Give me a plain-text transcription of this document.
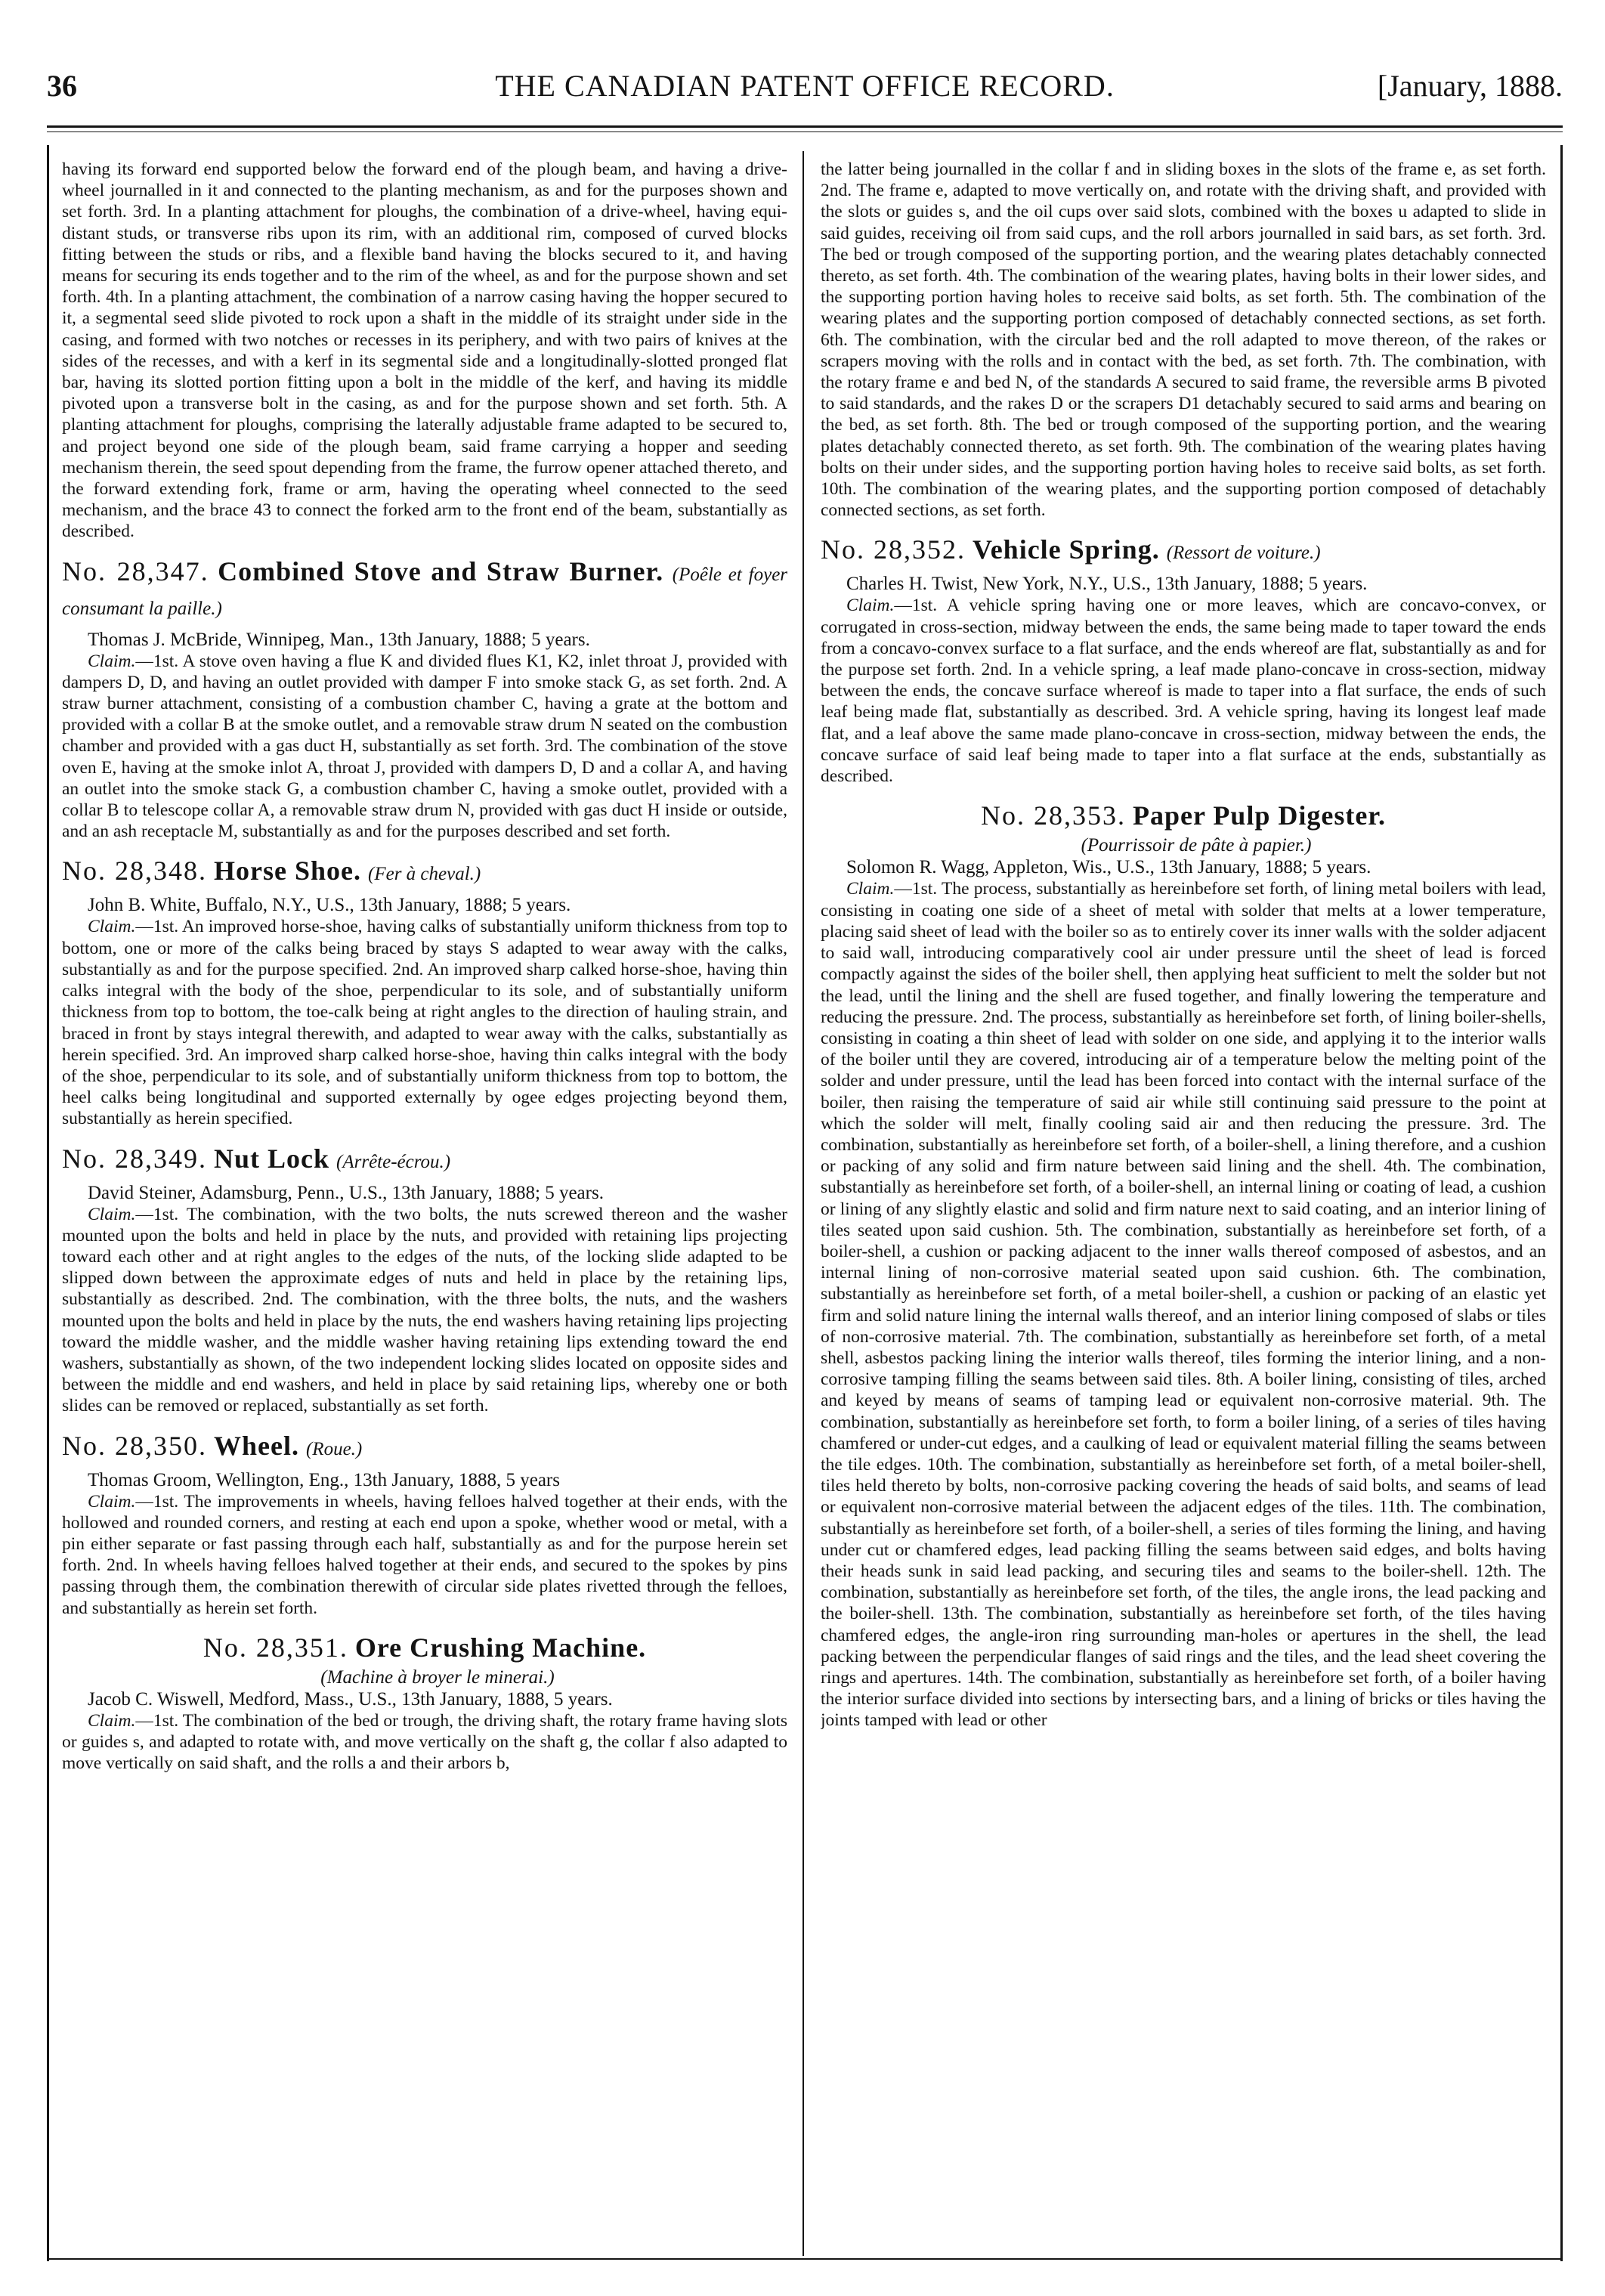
36	THE CANADIAN PATENT OFFICE RECORD.	[January, 1888.

having its forward end supported below the forward end of the plough beam, and having a drive-wheel journalled in it and connected to the planting mechanism, as and for the purposes shown and set forth. 3rd. In a planting attachment for ploughs, the combination of a drive-wheel, having equi-distant studs, or transverse ribs upon its rim, with an additional rim, composed of curved blocks fitting between the studs or ribs, and a flexible band having the blocks secured to it, and having means for securing its ends together and to the rim of the wheel, as and for the purpose shown and set forth. 4th. In a planting attachment, the combination of a narrow casing having the hopper secured to it, a segmental seed slide pivoted to rock upon a shaft in the middle of its straight under side in the casing, and formed with two notches or recesses in its periphery, and with two pairs of knives at the sides of the recesses, and with a kerf in its segmental side and a longitudinally-slotted pronged flat bar, having its slotted portion fitting upon a bolt in the middle of the kerf, and having its middle pivoted upon a transverse bolt in the casing, as and for the purpose shown and set forth. 5th. A planting attachment for ploughs, comprising the laterally adjustable frame adapted to be secured to, and project beyond one side of the plough beam, said frame carrying a hopper and seeding mechanism therein, the seed spout depending from the frame, the furrow opener attached thereto, and the forward extending fork, frame or arm, having the operating wheel connected to the seed mechanism, and the brace 43 to connect the forked arm to the front end of the beam, substantially as described.

No. 28,347. Combined Stove and Straw Burner. (Poêle et foyer consumant la paille.)

Thomas J. McBride, Winnipeg, Man., 13th January, 1888; 5 years.

Claim.—1st. A stove oven having a flue K and divided flues K1, K2, inlet throat J, provided with dampers D, D, and having an outlet provided with damper F into smoke stack G, as set forth. 2nd. A straw burner attachment, consisting of a combustion chamber C, having a grate at the bottom and provided with a collar B at the smoke outlet, and a removable straw drum N seated on the combustion chamber and provided with a gas duct H, substantially as set forth. 3rd. The combination of the stove oven E, having at the smoke inlot A, throat J, provided with dampers D, D and a collar A, and having an outlet into the smoke stack G, a combustion chamber C, having a smoke outlet, provided with a collar B to telescope collar A, a removable straw drum N, provided with gas duct H inside or outside, and an ash receptacle M, substantially as and for the purposes described and set forth.

No. 28,348. Horse Shoe. (Fer à cheval.)

John B. White, Buffalo, N.Y., U.S., 13th January, 1888; 5 years.

Claim.—1st. An improved horse-shoe, having calks of substantially uniform thickness from top to bottom, one or more of the calks being braced by stays S adapted to wear away with the calks, substantially as and for the purpose specified. 2nd. An improved sharp calked horse-shoe, having thin calks integral with the body of the shoe, perpendicular to its sole, and of substantially uniform thickness from top to bottom, the toe-calk being at right angles to the direction of hauling strain, and braced in front by stays integral therewith, and adapted to wear away with the calks, substantially as herein specified. 3rd. An improved sharp calked horse-shoe, having thin calks integral with the body of the shoe, perpendicular to its sole, and of substantially uniform thickness from top to bottom, the heel calks being longitudinal and supported externally by ogee edges projecting beyond them, substantially as herein specified.

No. 28,349. Nut Lock (Arrête-écrou.)

David Steiner, Adamsburg, Penn., U.S., 13th January, 1888; 5 years.

Claim.—1st. The combination, with the two bolts, the nuts screwed thereon and the washer mounted upon the bolts and held in place by the nuts, and provided with retaining lips projecting toward each other and at right angles to the edges of the nuts, of the locking slide adapted to be slipped down between the approximate edges of nuts and held in place by the retaining lips, substantially as described. 2nd. The combination, with the three bolts, the nuts, and the washers mounted upon the bolts and held in place by the nuts, the end washers having retaining lips projecting toward the middle washer, and the middle washer having retaining lips extending toward the end washers, substantially as shown, of the two independent locking slides located on opposite sides and between the middle and end washers, and held in place by said retaining lips, whereby one or both slides can be removed or replaced, substantially as set forth.

No. 28,350. Wheel. (Roue.)

Thomas Groom, Wellington, Eng., 13th January, 1888, 5 years

Claim.—1st. The improvements in wheels, having felloes halved together at their ends, with the hollowed and rounded corners, and resting at each end upon a spoke, whether wood or metal, with a pin either separate or fast passing through each half, substantially as and for the purpose herein set forth. 2nd. In wheels having felloes halved together at their ends, and secured to the spokes by pins passing through them, the combination therewith of circular side plates rivetted through the felloes, and substantially as herein set forth.

No. 28,351. Ore Crushing Machine.

(Machine à broyer le minerai.)

Jacob C. Wiswell, Medford, Mass., U.S., 13th January, 1888, 5 years.

Claim.—1st. The combination of the bed or trough, the driving shaft, the rotary frame having slots or guides s, and adapted to rotate with, and move vertically on the shaft g, the collar f also adapted to move vertically on said shaft, and the rolls a and their arbors b,

the latter being journalled in the collar f and in sliding boxes in the slots of the frame e, as set forth. 2nd. The frame e, adapted to move vertically on, and rotate with the driving shaft, and provided with the slots or guides s, and the oil cups over said slots, combined with the boxes u adapted to slide in said guides, receiving oil from said cups, and the roll arbors journalled in said bars, as set forth. 3rd. The bed or trough composed of the supporting portion, and the wearing plates detachably connected thereto, as set forth. 4th. The combination of the wearing plates, having bolts in their lower sides, and the supporting portion having holes to receive said bolts, as set forth. 5th. The combination of the wearing plates and the supporting portion composed of detachably connected sections, as set forth. 6th. The combination, with the circular bed and the roll adapted to move thereon, of the rakes or scrapers moving with the rolls and in contact with the bed, as set forth. 7th. The combination, with the rotary frame e and bed N, of the standards A secured to said frame, the reversible arms B pivoted to said standards, and the rakes D or the scrapers D1 detachably secured to said arms and bearing on the bed, as set forth. 8th. The bed or trough composed of the supporting portion, and the wearing plates detachably connected thereto, as set forth. 9th. The combination of the wearing plates having bolts on their under sides, and the supporting portion having holes to receive said bolts, as set forth. 10th. The combination of the wearing plates, and the supporting portion composed of detachably connected sections, as set forth.

No. 28,352. Vehicle Spring. (Ressort de voiture.)

Charles H. Twist, New York, N.Y., U.S., 13th January, 1888; 5 years.

Claim.—1st. A vehicle spring having one or more leaves, which are concavo-convex, or corrugated in cross-section, midway between the ends, the same being made to taper toward the ends from a concavo-convex surface to a flat surface, and the ends whereof are flat, substantially as and for the purpose set forth. 2nd. In a vehicle spring, a leaf made plano-concave in cross-section, midway between the ends, the concave surface whereof is made to taper into a flat surface, the ends of such leaf being made flat, substantially as described. 3rd. A vehicle spring, having its longest leaf made flat, and a leaf above the same made plano-concave in cross-section, midway between the ends, the concave surface of said leaf being made to taper into a flat surface at the ends, substantially as described.

No. 28,353. Paper Pulp Digester.

(Pourrissoir de pâte à papier.)

Solomon R. Wagg, Appleton, Wis., U.S., 13th January, 1888; 5 years.

Claim.—1st. The process, substantially as hereinbefore set forth, of lining metal boilers with lead, consisting in coating one side of a sheet of metal with solder that melts at a lower temperature, placing said sheet of lead with the boiler so as to entirely cover its inner walls with the solder adjacent to said wall, introducing comparatively cool air under pressure until the sheet of lead is forced compactly against the sides of the boiler shell, then applying heat sufficient to melt the solder but not the lead, until the lining and the shell are fused together, and finally lowering the temperature and reducing the pressure. 2nd. The process, substantially as hereinbefore set forth, of lining boiler-shells, consisting in coating a thin sheet of lead with solder on one side, and applying it to the interior walls of the boiler until they are covered, introducing air of a temperature below the melting point of the solder and under pressure, until the lead has been forced into contact with the internal surface of the boiler, then raising the temperature of said air while still continuing said pressure to the point at which the solder will melt, finally cooling said air and then reducing the pressure. 3rd. The combination, substantially as hereinbefore set forth, of a boiler-shell, a lining therefore, and a cushion or packing of any solid and firm nature between said lining and the shell. 4th. The combination, substantially as hereinbefore set forth, of a boiler-shell, an internal lining or coating of lead, a cushion or lining of any slightly elastic and solid and firm nature next to said coating, and an interior lining of tiles seated upon said cushion. 5th. The combination, substantially as hereinbefore set forth, of a boiler-shell, a cushion or packing adjacent to the inner walls thereof composed of asbestos, and an internal lining of non-corrosive material seated upon said cushion. 6th. The combination, substantially as hereinbefore set forth, of a metal boiler-shell, a cushion or packing of an elastic yet firm and solid nature lining the internal walls thereof, and an interior lining composed of slabs or tiles of non-corrosive material. 7th. The combination, substantially as hereinbefore set forth, of a metal shell, asbestos packing lining the interior walls thereof, tiles forming the interior lining, and a non-corrosive tamping filling the seams between said tiles. 8th. A boiler lining, consisting of tiles, arched and keyed by means of seams of tamping lead or equivalent non-corrosive material. 9th. The combination, substantially as hereinbefore set forth, to form a boiler lining, of a series of tiles having chamfered or under-cut edges, and a caulking of lead or equivalent material filling the seams between the tile edges. 10th. The combination, substantially as hereinbefore set forth, of a metal boiler-shell, tiles held thereto by bolts, non-corrosive packing covering the heads of said bolts, and seams of lead or equivalent non-corrosive material between the adjacent edges of the tiles. 11th. The combination, substantially as hereinbefore set forth, of a boiler-shell, a series of tiles forming the lining, and having under cut or chamfered edges, lead packing filling the seams between said edges, and bolts having their heads sunk in said lead packing, and securing tiles and seams to the boiler-shell. 12th. The combination, substantially as hereinbefore set forth, of the tiles, the angle irons, the lead packing and the boiler-shell. 13th. The combination, substantially as hereinbefore set forth, of the tiles having chamfered edges, the angle-iron ring surrounding man-holes or apertures in the shell, the lead packing between the perpendicular flanges of said rings and the tiles, and the lead sheet covering the rings and apertures. 14th. The combination, substantially as hereinbefore set forth, of a boiler having the interior surface divided into sections by intersecting bars, and a lining of bricks or tiles having the joints tamped with lead or other
